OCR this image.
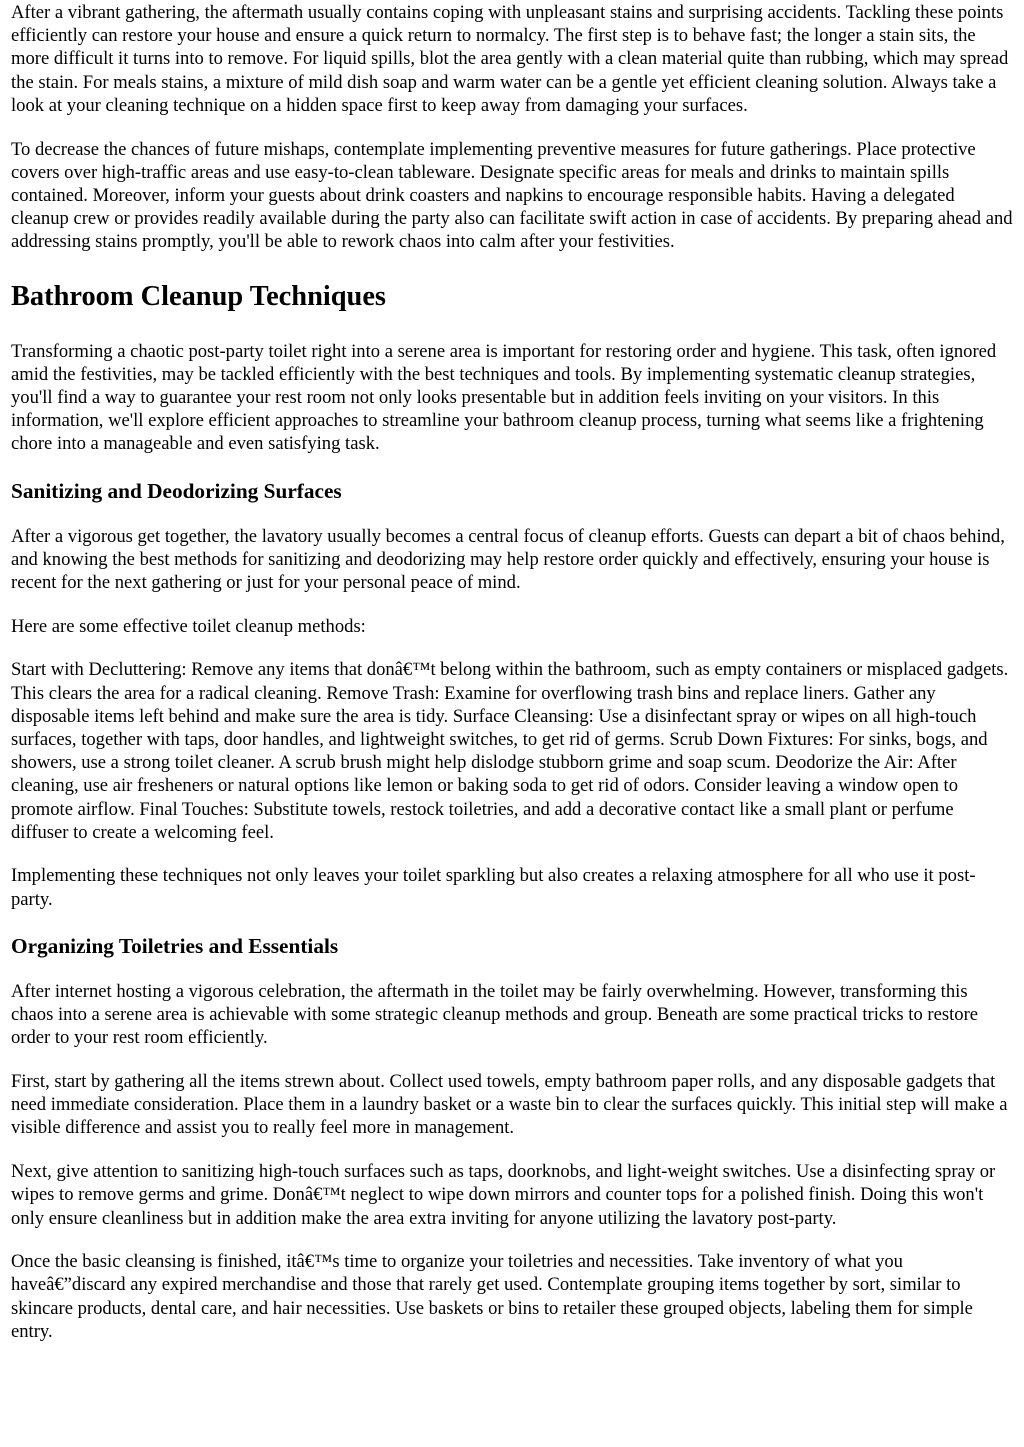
After a vibrant gathering, the aftermath usually contains coping with unpleasant stains and surprising accidents. Tackling these points efficiently can restore your house and ensure a quick return to normalcy. The first step is to behave fast; the longer a stain sits, the more difficult it turns into to remove. For liquid spills, blot the area gently with a clean material quite than rubbing, which may spread the stain. For meals stains, a mixture of mild dish soap and warm water can be a gentle yet efficient cleaning solution. Always take a look at your cleaning technique on a hidden space first to keep away from damaging your surfaces.

To decrease the chances of future mishaps, contemplate implementing preventive measures for future gatherings. Place protective covers over high-traffic areas and use easy-to-clean tableware. Designate specific areas for meals and drinks to maintain spills contained. Moreover, inform your guests about drink coasters and napkins to encourage responsible habits. Having a delegated cleanup crew or provides readily available during the party also can facilitate swift action in case of accidents. By preparing ahead and addressing stains promptly, you'll be able to rework chaos into calm after your festivities.

Bathroom Cleanup Techniques

Transforming a chaotic post-party toilet right into a serene area is important for restoring order and hygiene. This task, often ignored amid the festivities, may be tackled efficiently with the best techniques and tools. By implementing systematic cleanup strategies, you'll find a way to guarantee your rest room not only looks presentable but in addition feels inviting on your visitors. In this information, we'll explore efficient approaches to streamline your bathroom cleanup process, turning what seems like a frightening chore into a manageable and even satisfying task.

Sanitizing and Deodorizing Surfaces

After a vigorous get together, the lavatory usually becomes a central focus of cleanup efforts. Guests can depart a bit of chaos behind, and knowing the best methods for sanitizing and deodorizing may help restore order quickly and effectively, ensuring your house is recent for the next gathering or just for your personal peace of mind.

Here are some effective toilet cleanup methods:

Start with Decluttering: Remove any items that donâ€™t belong within the bathroom, such as empty containers or misplaced gadgets. This clears the area for a radical cleaning. Remove Trash: Examine for overflowing trash bins and replace liners. Gather any disposable items left behind and make sure the area is tidy. Surface Cleansing: Use a disinfectant spray or wipes on all high-touch surfaces, together with taps, door handles, and lightweight switches, to get rid of germs. Scrub Down Fixtures: For sinks, bogs, and showers, use a strong toilet cleaner. A scrub brush might help dislodge stubborn grime and soap scum. Deodorize the Air: After cleaning, use air fresheners or natural options like lemon or baking soda to get rid of odors. Consider leaving a window open to promote airflow. Final Touches: Substitute towels, restock toiletries, and add a decorative contact like a small plant or perfume diffuser to create a welcoming feel.

Implementing these techniques not only leaves your toilet sparkling but also creates a relaxing atmosphere for all who use it post-party.

Organizing Toiletries and Essentials

After internet hosting a vigorous celebration, the aftermath in the toilet may be fairly overwhelming. However, transforming this chaos into a serene area is achievable with some strategic cleanup methods and group. Beneath are some practical tricks to restore order to your rest room efficiently.

First, start by gathering all the items strewn about. Collect used towels, empty bathroom paper rolls, and any disposable gadgets that need immediate consideration. Place them in a laundry basket or a waste bin to clear the surfaces quickly. This initial step will make a visible difference and assist you to really feel more in management.

Next, give attention to sanitizing high-touch surfaces such as taps, doorknobs, and light-weight switches. Use a disinfecting spray or wipes to remove germs and grime. Donâ€™t neglect to wipe down mirrors and counter tops for a polished finish. Doing this won't only ensure cleanliness but in addition make the area extra inviting for anyone utilizing the lavatory post-party.

Once the basic cleansing is finished, itâ€™s time to organize your toiletries and necessities. Take inventory of what you haveâ€”discard any expired merchandise and those that rarely get used. Contemplate grouping items together by sort, similar to skincare products, dental care, and hair necessities. Use baskets or bins to retailer these grouped objects, labeling them for simple entry.
